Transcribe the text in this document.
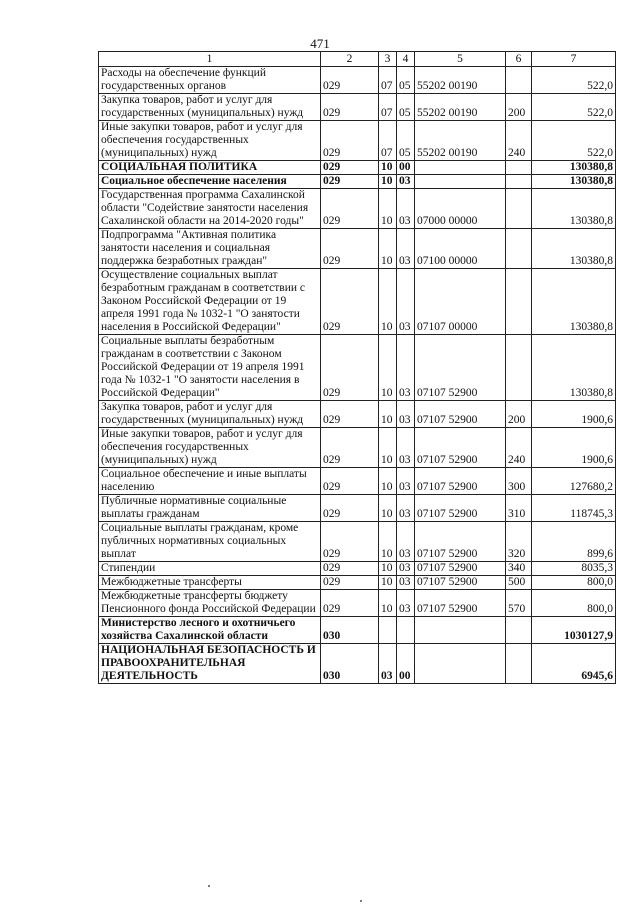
471
1	2	3	4	5	6	7
Расходы на обеспечение функций государственных органов	029	07	05	55202 00190		522,0
Закупка товаров, работ и услуг для государственных (муниципальных) нужд	029	07	05	55202 00190	200	522,0
Иные закупки товаров, работ и услуг для обеспечения государственных (муниципальных) нужд	029	07	05	55202 00190	240	522,0
СОЦИАЛЬНАЯ ПОЛИТИКА	029	10	00			130380,8
Социальное обеспечение населения	029	10	03			130380,8
Государственная программа Сахалинской области "Содействие занятости населения Сахалинской области на 2014-2020 годы"	029	10	03	07000 00000		130380,8
Подпрограмма "Активная политика занятости населения и социальная поддержка безработных граждан"	029	10	03	07100 00000		130380,8
Осуществление социальных выплат безработным гражданам в соответствии с Законом Российской Федерации от 19 апреля 1991 года № 1032-1 "О занятости населения в Российской Федерации"	029	10	03	07107 00000		130380,8
Социальные выплаты безработным гражданам в соответствии с Законом Российской Федерации от 19 апреля 1991 года № 1032-1 "О занятости населения в Российской Федерации"	029	10	03	07107 52900		130380,8
Закупка товаров, работ и услуг для государственных (муниципальных) нужд	029	10	03	07107 52900	200	1900,6
Иные закупки товаров, работ и услуг для обеспечения государственных (муниципальных) нужд	029	10	03	07107 52900	240	1900,6
Социальное обеспечение и иные выплаты населению	029	10	03	07107 52900	300	127680,2
Публичные нормативные социальные выплаты гражданам	029	10	03	07107 52900	310	118745,3
Социальные выплаты гражданам, кроме публичных нормативных социальных выплат	029	10	03	07107 52900	320	899,6
Стипендии	029	10	03	07107 52900	340	8035,3
Межбюджетные трансферты	029	10	03	07107 52900	500	800,0
Межбюджетные трансферты бюджету Пенсионного фонда Российской Федерации	029	10	03	07107 52900	570	800,0
Министерство лесного и охотничьего хозяйства Сахалинской области	030					1030127,9
НАЦИОНАЛЬНАЯ БЕЗОПАСНОСТЬ И ПРАВООХРАНИТЕЛЬНАЯ ДЕЯТЕЛЬНОСТЬ	030	03	00			6945,6
